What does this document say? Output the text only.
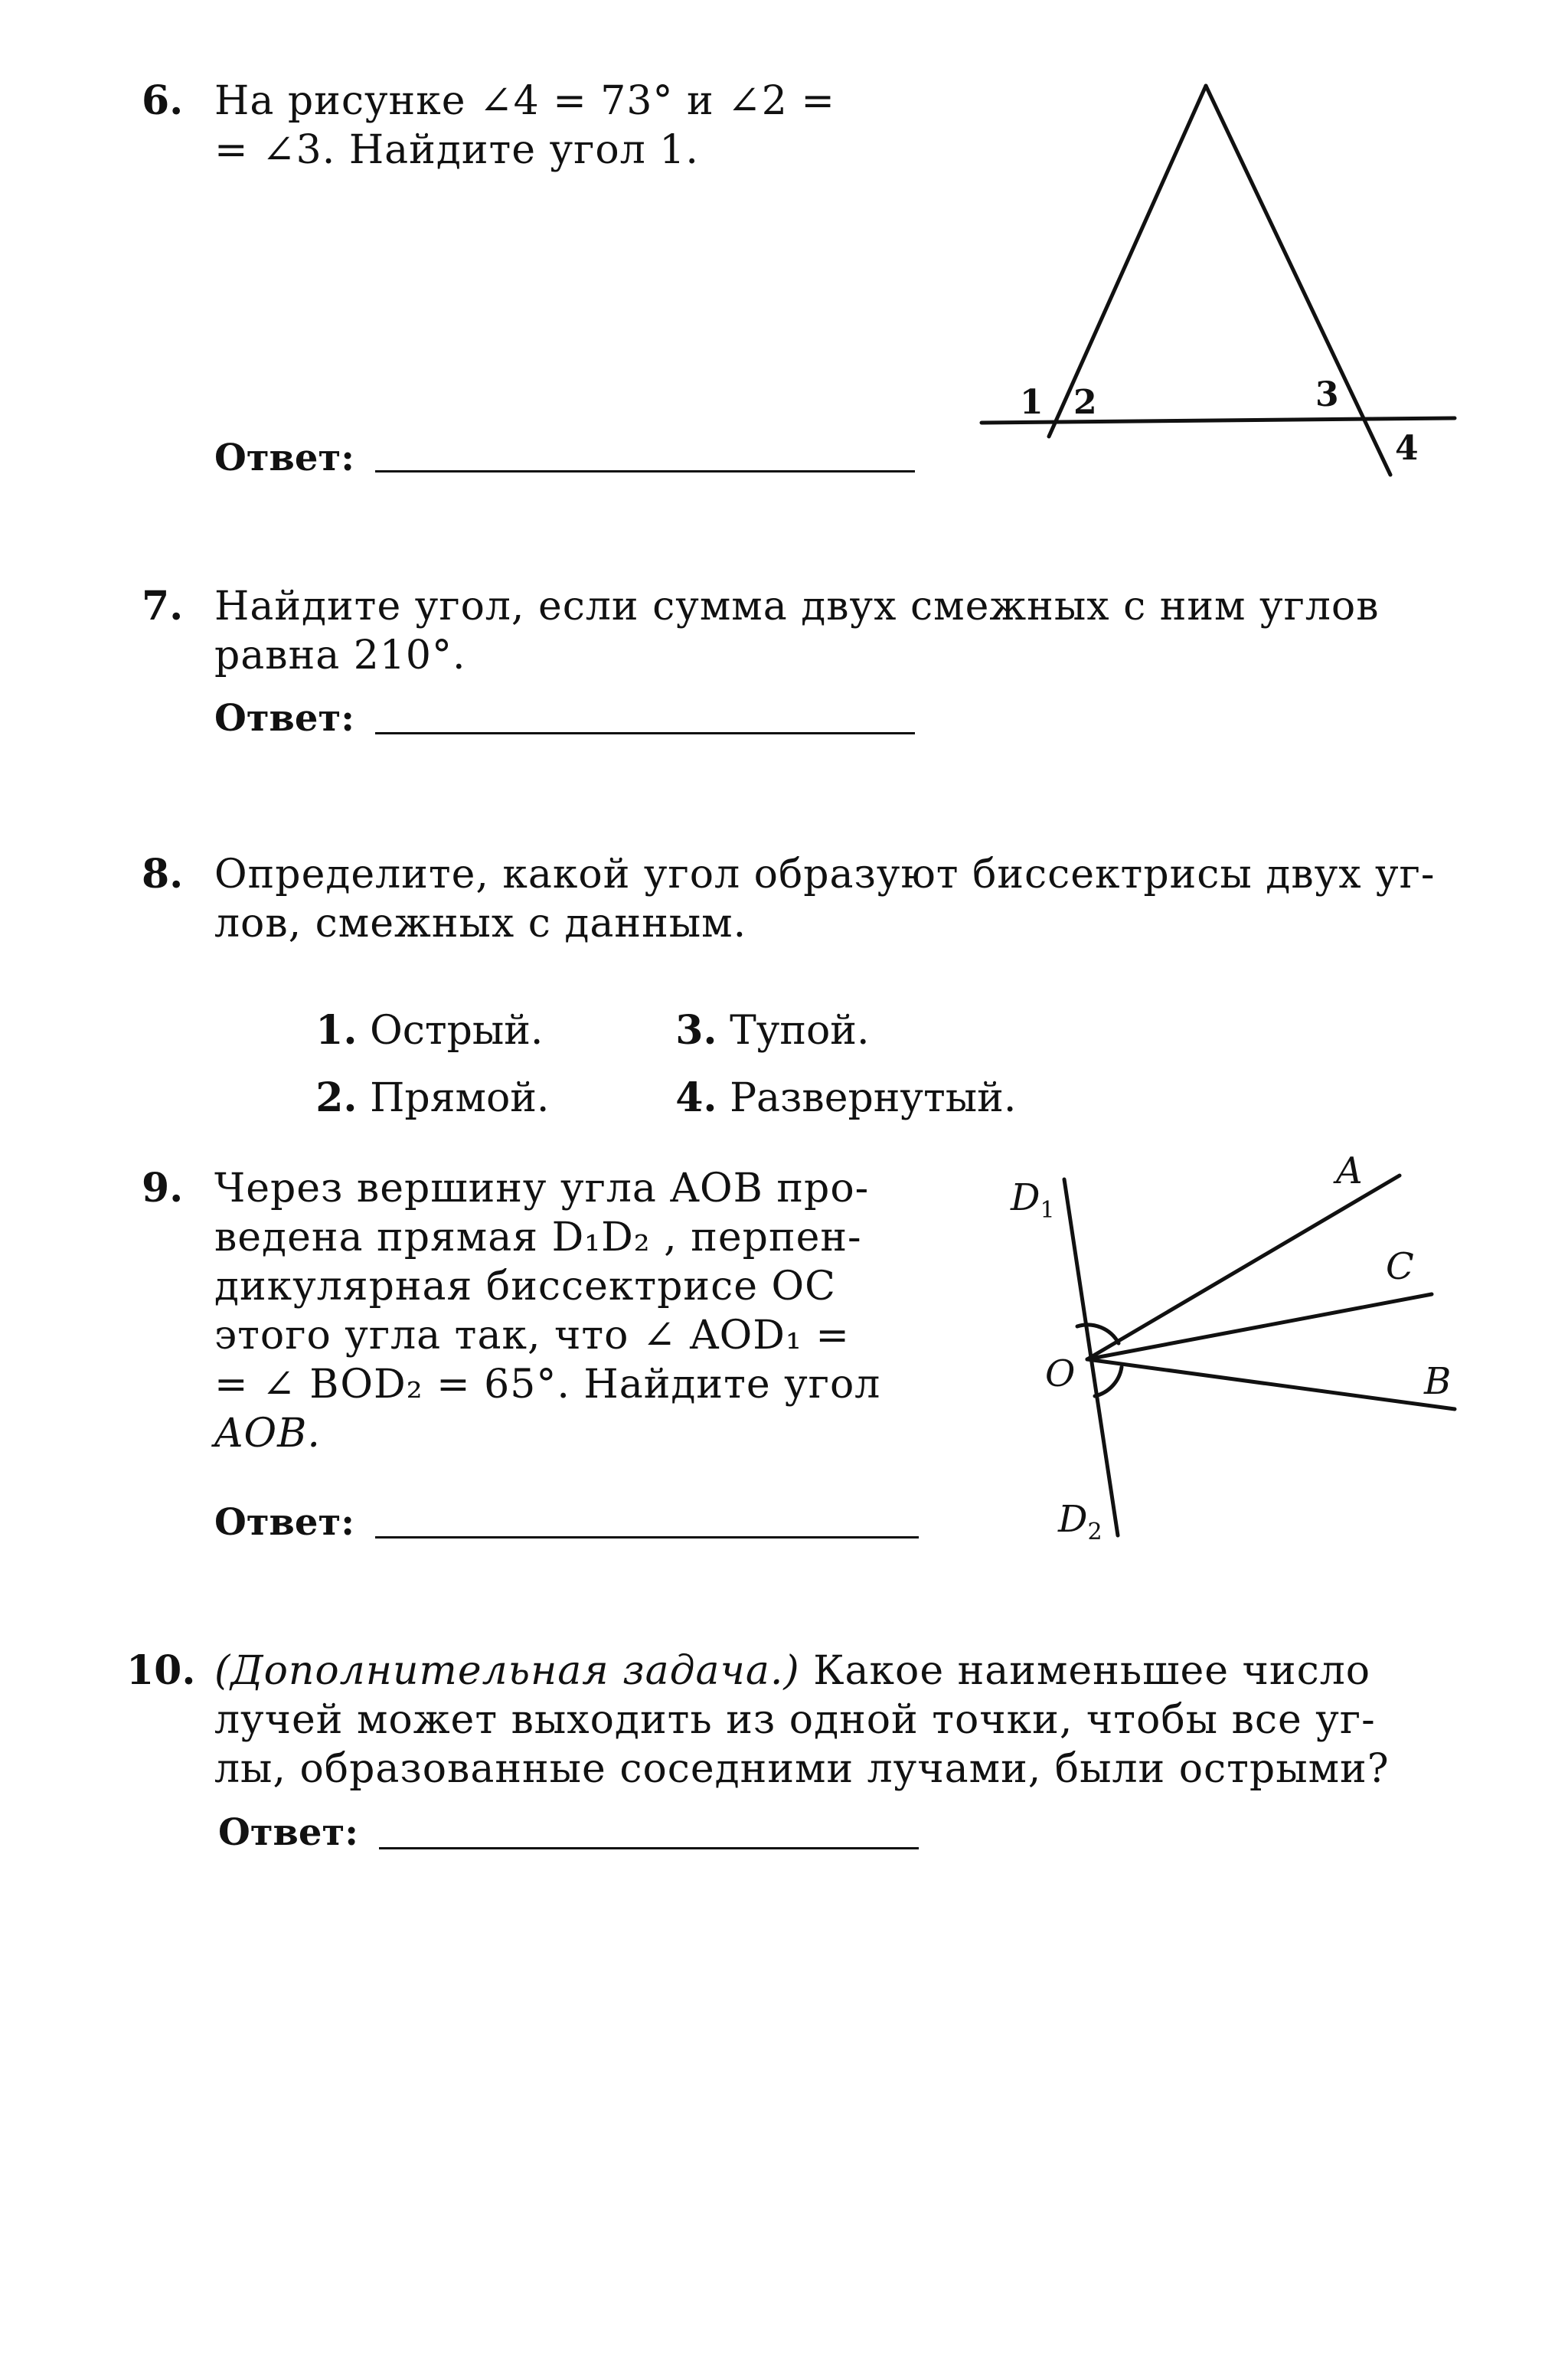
6. На рисунке ∠4 = 73° и ∠2 =

= ∠3. Найдите угол 1.

Ответ:
1 2	3
4
7. Найдите угол, если сумма двух смежных с ним углов

равна 210°.

Ответ:
8. Определите, какой угол образуют биссектрисы двух уг-

лов, смежных с данным.

1. Острый.
	3. Тупой.

2. Прямой.
	4. Развернутый.

9. Через вершину угла AOB про-

ведена прямая D₁D₂ , перпен-

дикулярная биссектрисе OC

этого угла так, что ∠ AOD₁ =

= ∠ BOD₂ = 65°. Найдите угол

AOB.

Ответ:
$D_1$
A
C
O	B
$D_2$
10. (Дополнительная задача.) Какое наименьшее число

лучей может выходить из одной точки, чтобы все уг-

лы, образованные соседними лучами, были острыми?

Ответ:
